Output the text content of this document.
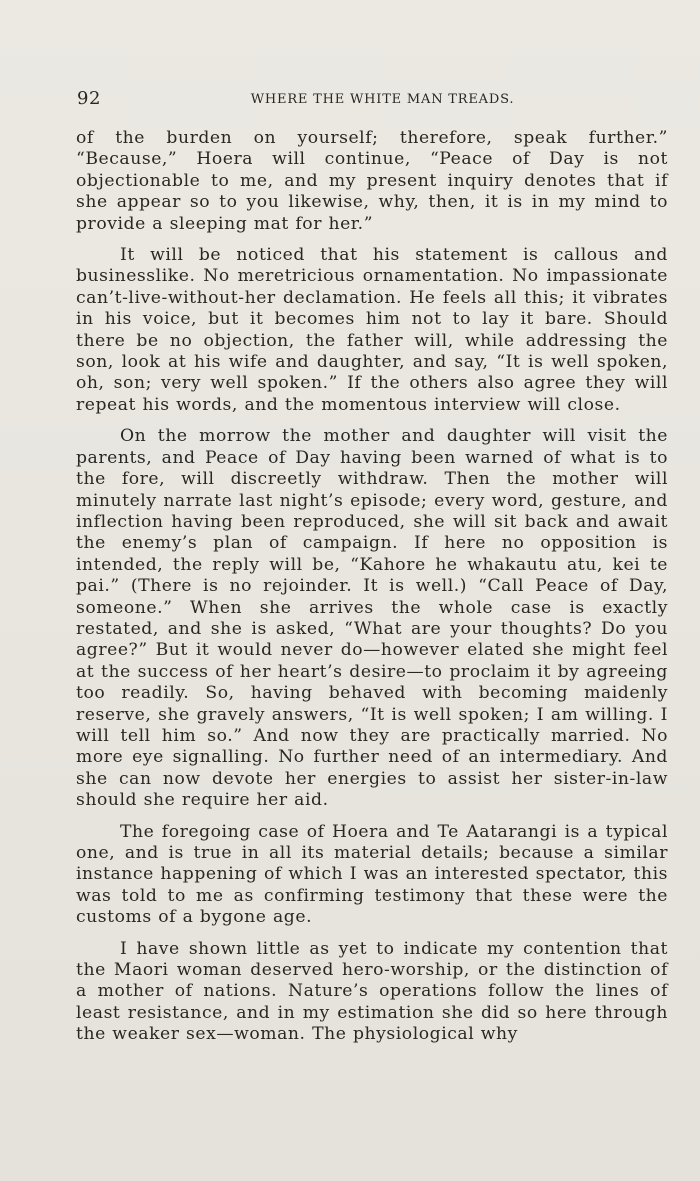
92	WHERE THE WHITE MAN TREADS.

of the burden on yourself; therefore, speak further.” “Because,” Hoera will continue, “Peace of Day is not objectionable to me, and my present inquiry denotes that if she appear so to you likewise, why, then, it is in my mind to provide a sleeping mat for her.”

It will be noticed that his statement is callous and businesslike. No meretricious ornamentation. No impassionate can’t-live-without-her declamation. He feels all this; it vibrates in his voice, but it becomes him not to lay it bare. Should there be no objection, the father will, while addressing the son, look at his wife and daughter, and say, “It is well spoken, oh, son; very well spoken.” If the others also agree they will repeat his words, and the momentous interview will close.

On the morrow the mother and daughter will visit the parents, and Peace of Day having been warned of what is to the fore, will discreetly withdraw. Then the mother will minutely narrate last night’s episode; every word, gesture, and inflection having been reproduced, she will sit back and await the enemy’s plan of campaign. If here no opposition is intended, the reply will be, “Kahore he whakautu atu, kei te pai.” (There is no rejoinder. It is well.) “Call Peace of Day, someone.” When she arrives the whole case is exactly restated, and she is asked, “What are your thoughts? Do you agree?” But it would never do—however elated she might feel at the success of her heart’s desire—to proclaim it by agreeing too readily. So, having behaved with becoming maidenly reserve, she gravely answers, “It is well spoken; I am willing. I will tell him so.” And now they are practically married. No more eye signalling. No further need of an intermediary. And she can now devote her energies to assist her sister-in-law should she require her aid.

The foregoing case of Hoera and Te Aatarangi is a typical one, and is true in all its material details; because a similar instance happening of which I was an interested spectator, this was told to me as confirming testimony that these were the customs of a bygone age.

I have shown little as yet to indicate my contention that the Maori woman deserved hero-worship, or the distinction of a mother of nations. Nature’s operations follow the lines of least resistance, and in my estimation she did so here through the weaker sex—woman. The physiological why
